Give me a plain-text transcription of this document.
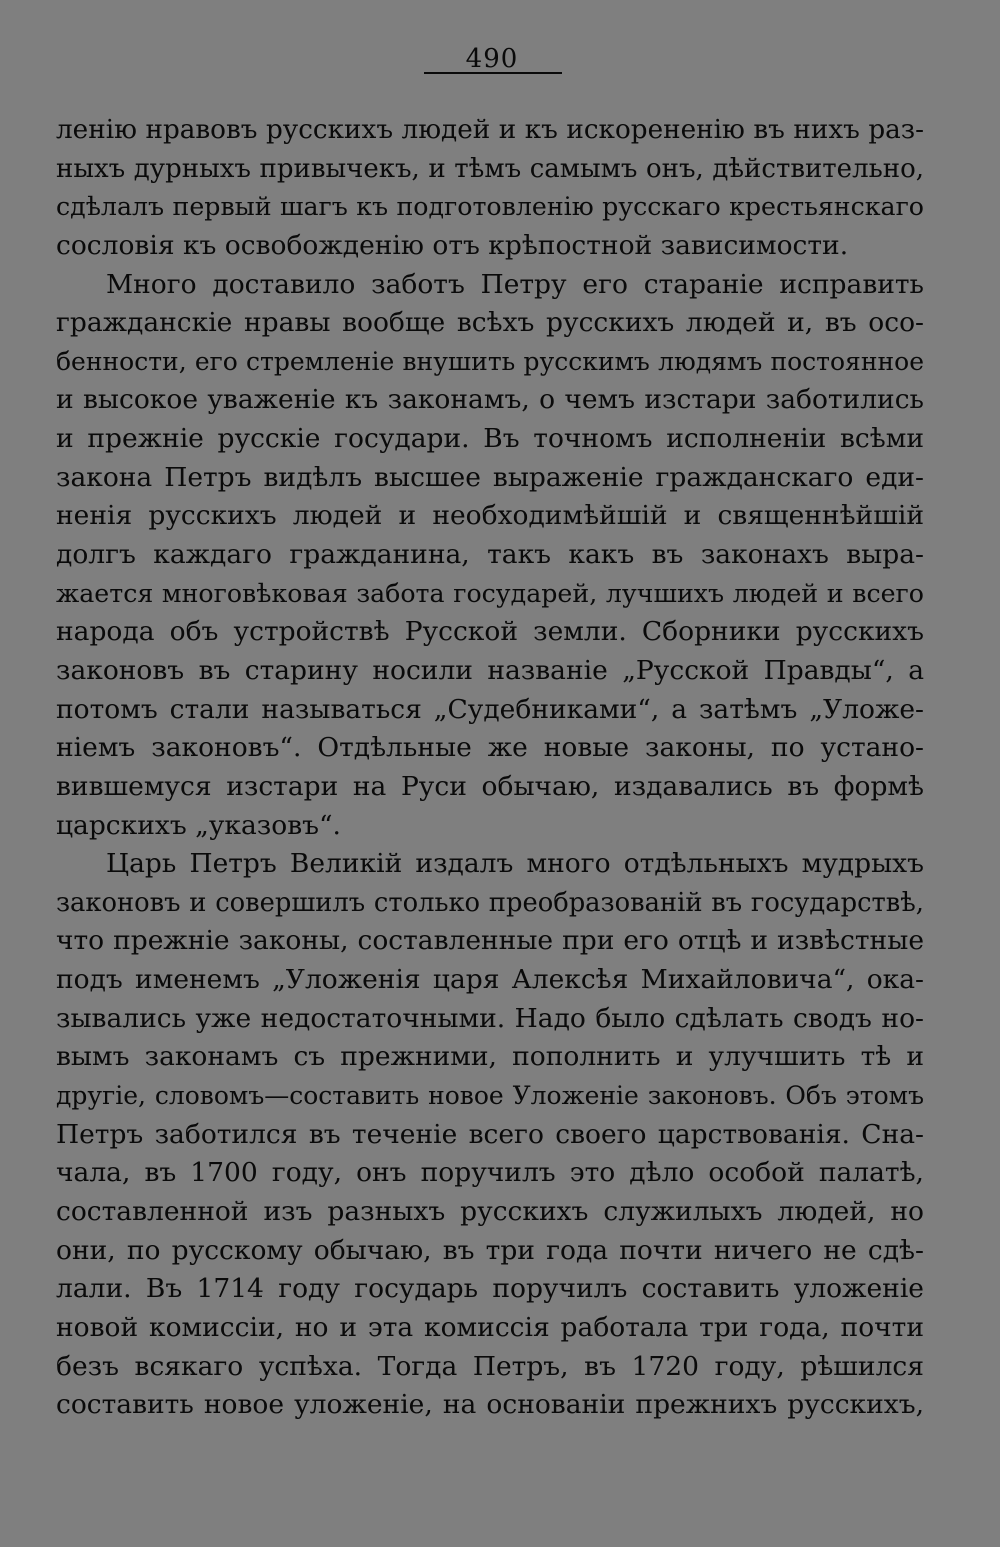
490
ленію нравовъ русскихъ людей и къ искорененію въ нихъ раз-
ныхъ дурныхъ привычекъ, и тѣмъ самымъ онъ, дѣйствительно,
сдѣлалъ первый шагъ къ подготовленію русскаго крестьянскаго
сословія къ освобожденію отъ крѣпостной зависимости.
Много доставило заботъ Петру его стараніе исправить
гражданскіе нравы вообще всѣхъ русскихъ людей и, въ осо-
бенности, его стремленіе внушить русскимъ людямъ постоянное
и высокое уваженіе къ законамъ, о чемъ изстари заботились
и прежніе русскіе государи. Въ точномъ исполненіи всѣми
закона Петръ видѣлъ высшее выраженіе гражданскаго еди-
ненія русскихъ людей и необходимѣйшій и священнѣйшій
долгъ каждаго гражданина, такъ какъ въ законахъ выра-
жается многовѣковая забота государей, лучшихъ людей и всего
народа объ устройствѣ Русской земли. Сборники русскихъ
законовъ въ старину носили названіе „Русской Правды“, а
потомъ стали называться „Судебниками“, а затѣмъ „Уложе-
ніемъ законовъ“. Отдѣльные же новые законы, по устано-
вившемуся изстари на Руси обычаю, издавались въ формѣ
царскихъ „указовъ“.
Царь Петръ Великій издалъ много отдѣльныхъ мудрыхъ
законовъ и совершилъ столько преобразованій въ государствѣ,
что прежніе законы, составленные при его отцѣ и извѣстные
подъ именемъ „Уложенія царя Алексѣя Михайловича“, ока-
зывались уже недостаточными. Надо было сдѣлать сводъ но-
вымъ законамъ съ прежними, пополнить и улучшить тѣ и
другіе, словомъ—составить новое Уложеніе законовъ. Объ этомъ
Петръ заботился въ теченіе всего своего царствованія. Сна-
чала, въ 1700 году, онъ поручилъ это дѣло особой палатѣ,
составленной изъ разныхъ русскихъ служилыхъ людей, но
они, по русскому обычаю, въ три года почти ничего не сдѣ-
лали. Въ 1714 году государь поручилъ составить уложеніе
новой комиссіи, но и эта комиссія работала три года, почти
безъ всякаго успѣха. Тогда Петръ, въ 1720 году, рѣшился
составить новое уложеніе, на основаніи прежнихъ русскихъ,
